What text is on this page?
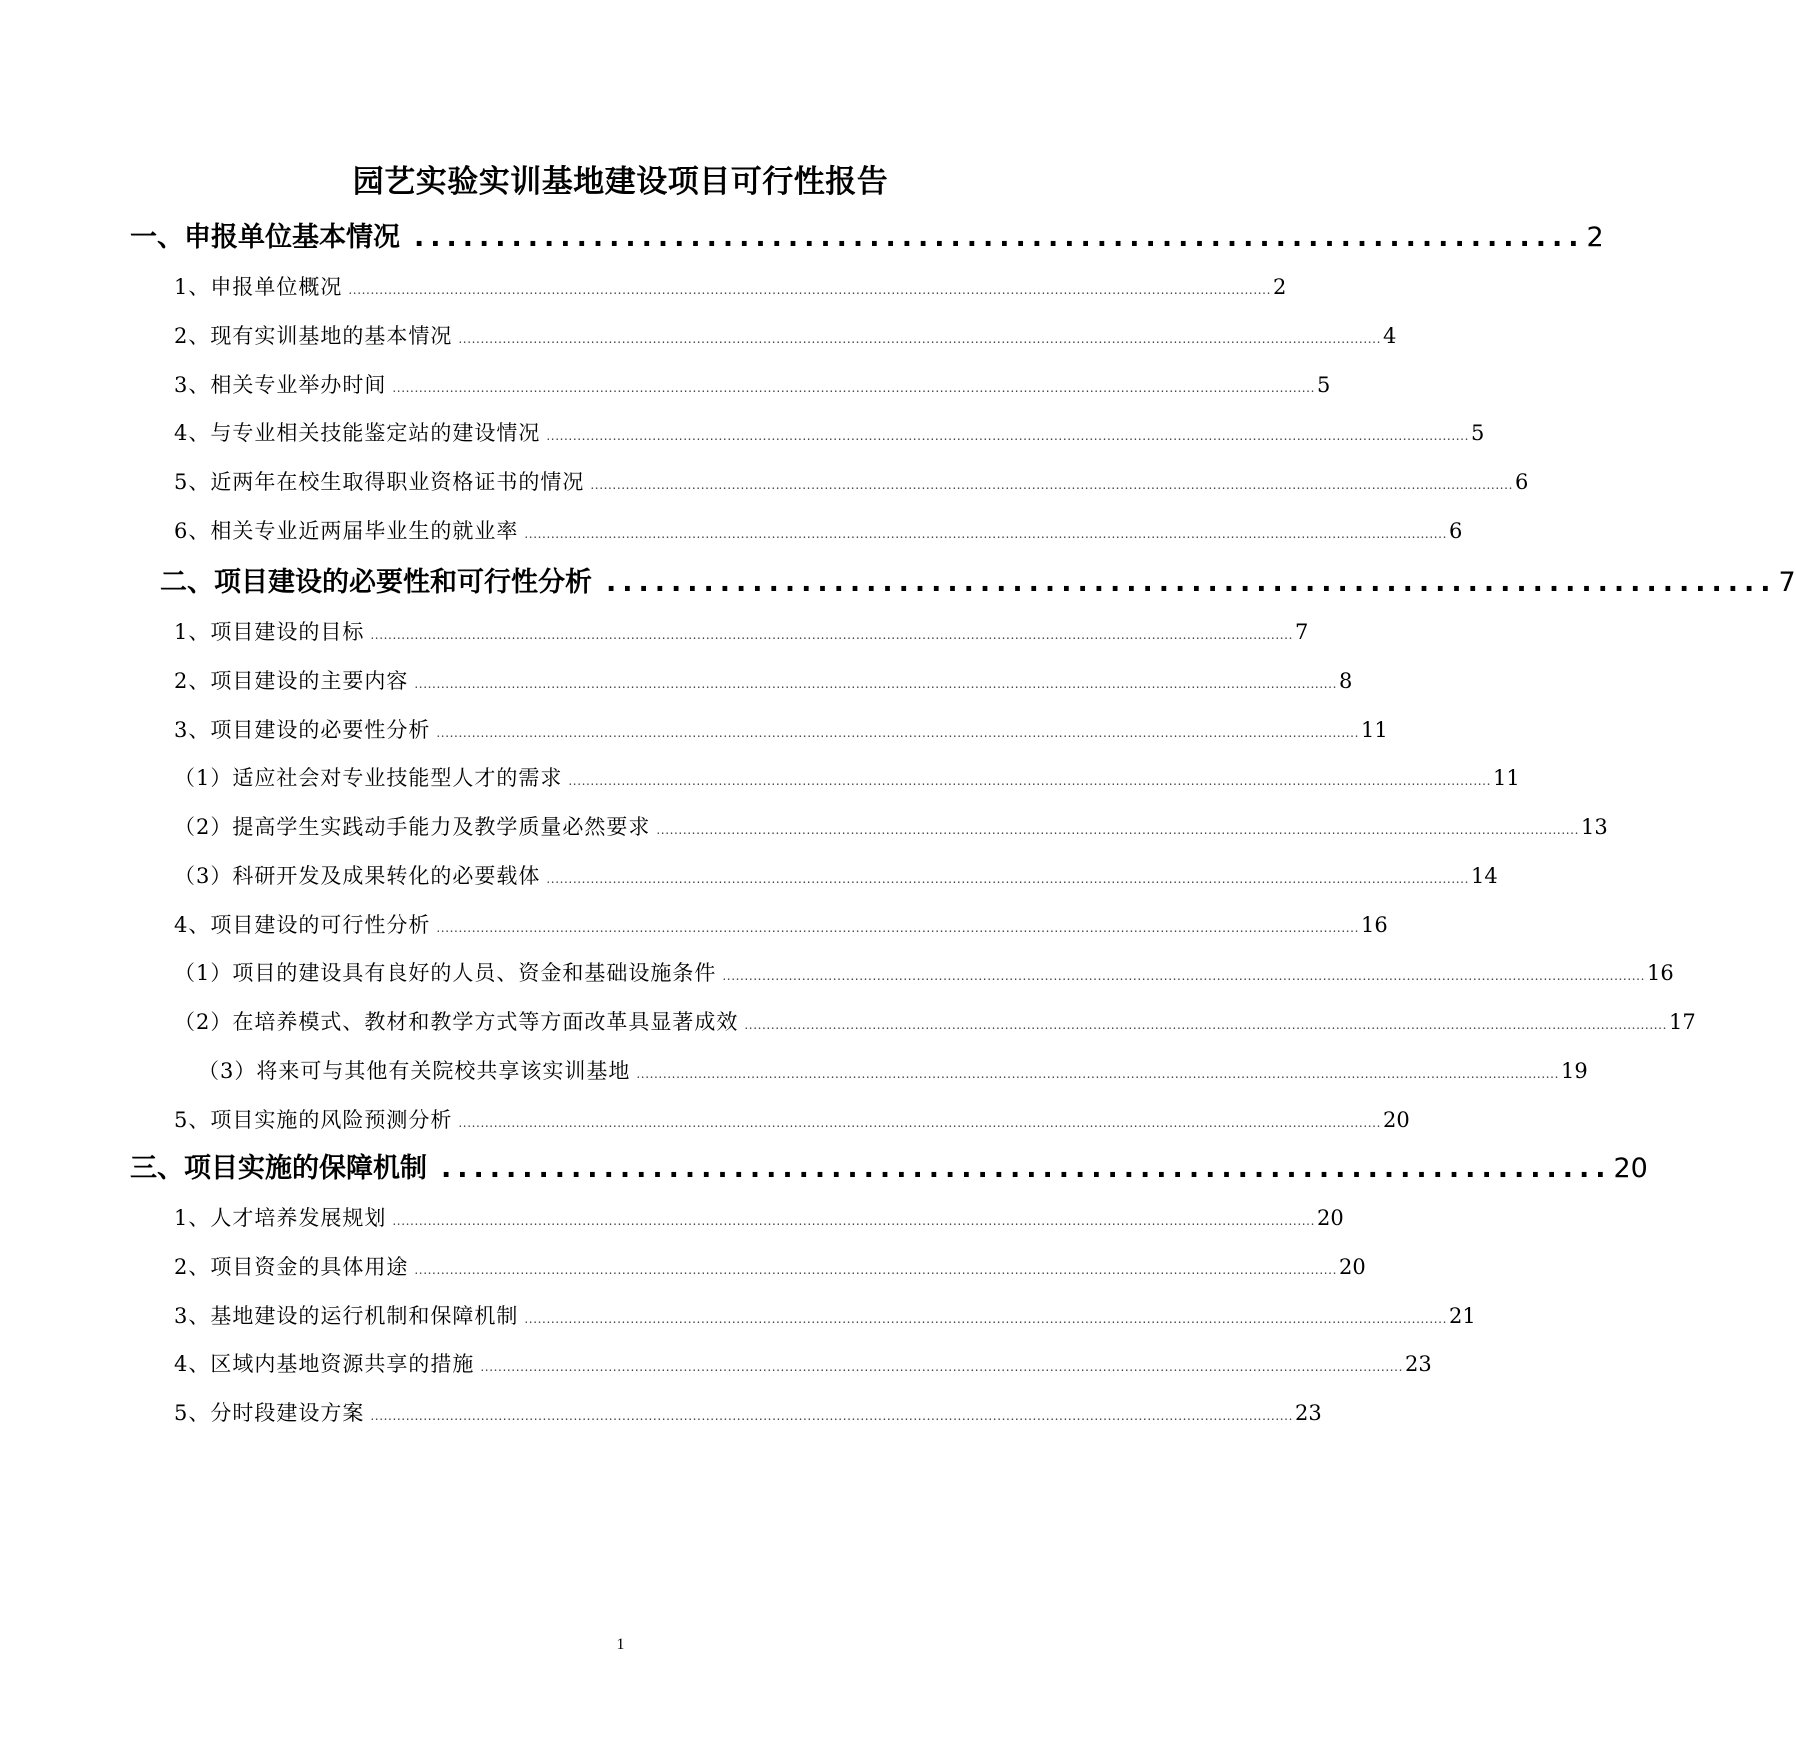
园艺实验实训基地建设项目可行性报告
一、申报单位基本情况 ........................................................................ 2
1、申报单位概况 ................................................................................................................................................................................................................. 2
2、现有实训基地的基本情况 ................................................................................................................................................................................................................. 4
3、相关专业举办时间 ................................................................................................................................................................................................................. 5
4、与专业相关技能鉴定站的建设情况 ................................................................................................................................................................................................................. 5
5、近两年在校生取得职业资格证书的情况 ................................................................................................................................................................................................................. 6
6、相关专业近两届毕业生的就业率 ................................................................................................................................................................................................................. 6
二、项目建设的必要性和可行性分析 ........................................................................ 7
1、项目建设的目标 ................................................................................................................................................................................................................. 7
2、项目建设的主要内容 ................................................................................................................................................................................................................. 8
3、项目建设的必要性分析 ................................................................................................................................................................................................................. 11
（1）适应社会对专业技能型人才的需求 ................................................................................................................................................................................................................. 11
（2）提高学生实践动手能力及教学质量必然要求 ................................................................................................................................................................................................................. 13
（3）科研开发及成果转化的必要载体 ................................................................................................................................................................................................................. 14
4、项目建设的可行性分析 ................................................................................................................................................................................................................. 16
（1）项目的建设具有良好的人员、资金和基础设施条件 ................................................................................................................................................................................................................. 16
（2）在培养模式、教材和教学方式等方面改革具显著成效 ................................................................................................................................................................................................................. 17
（3）将来可与其他有关院校共享该实训基地 ................................................................................................................................................................................................................. 19
5、项目实施的风险预测分析 ................................................................................................................................................................................................................. 20
三、项目实施的保障机制 ........................................................................ 20
1、人才培养发展规划 ................................................................................................................................................................................................................. 20
2、项目资金的具体用途 ................................................................................................................................................................................................................. 20
3、基地建设的运行机制和保障机制 ................................................................................................................................................................................................................. 21
4、区域内基地资源共享的措施 ................................................................................................................................................................................................................. 23
5、分时段建设方案 ................................................................................................................................................................................................................. 23
1
